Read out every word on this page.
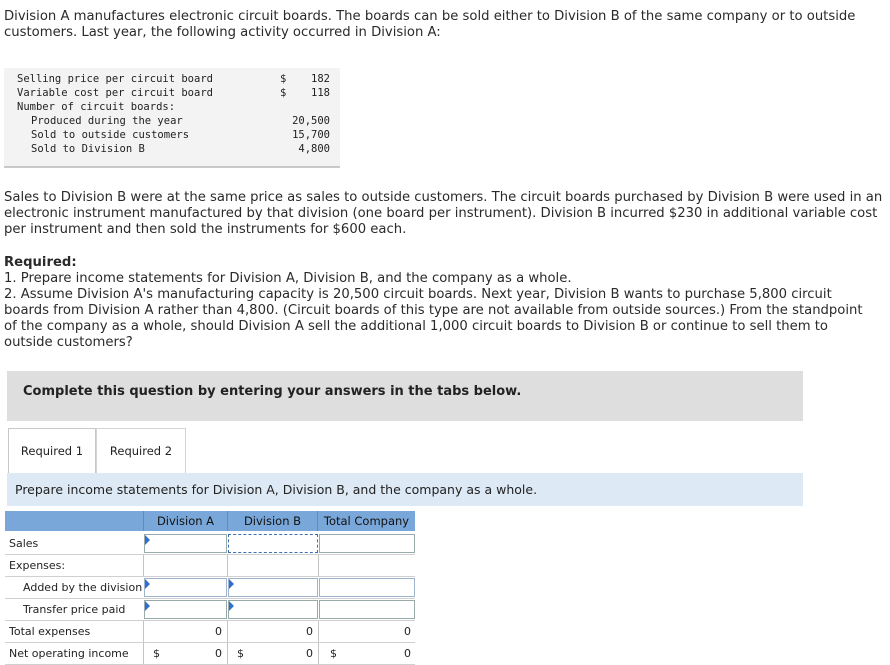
Division A manufactures electronic circuit boards. The boards can be sold either to Division B of the same company or to outside customers. Last year, the following activity occurred in Division A:
Selling price per circuit board	$ 182
Variable cost per circuit board	$ 118
Number of circuit boards:
Produced during the year	20,500
Sold to outside customers	15,700
Sold to Division B	4,800
Sales to Division B were at the same price as sales to outside customers. The circuit boards purchased by Division B were used in an electronic instrument manufactured by that division (one board per instrument). Division B incurred $230 in additional variable cost per instrument and then sold the instruments for $600 each.
Required:
1. Prepare income statements for Division A, Division B, and the company as a whole.
2. Assume Division A's manufacturing capacity is 20,500 circuit boards. Next year, Division B wants to purchase 5,800 circuit boards from Division A rather than 4,800. (Circuit boards of this type are not available from outside sources.) From the standpoint of the company as a whole, should Division A sell the additional 1,000 circuit boards to Division B or continue to sell them to outside customers?
Complete this question by entering your answers in the tabs below.
Required 1	Required 2
Prepare income statements for Division A, Division B, and the company as a whole.
Division A	Division B	Total Company
Sales
Expenses:
Added by the division
Transfer price paid
Total expenses	0	0	0
Net operating income $	0 $	0 $	0
